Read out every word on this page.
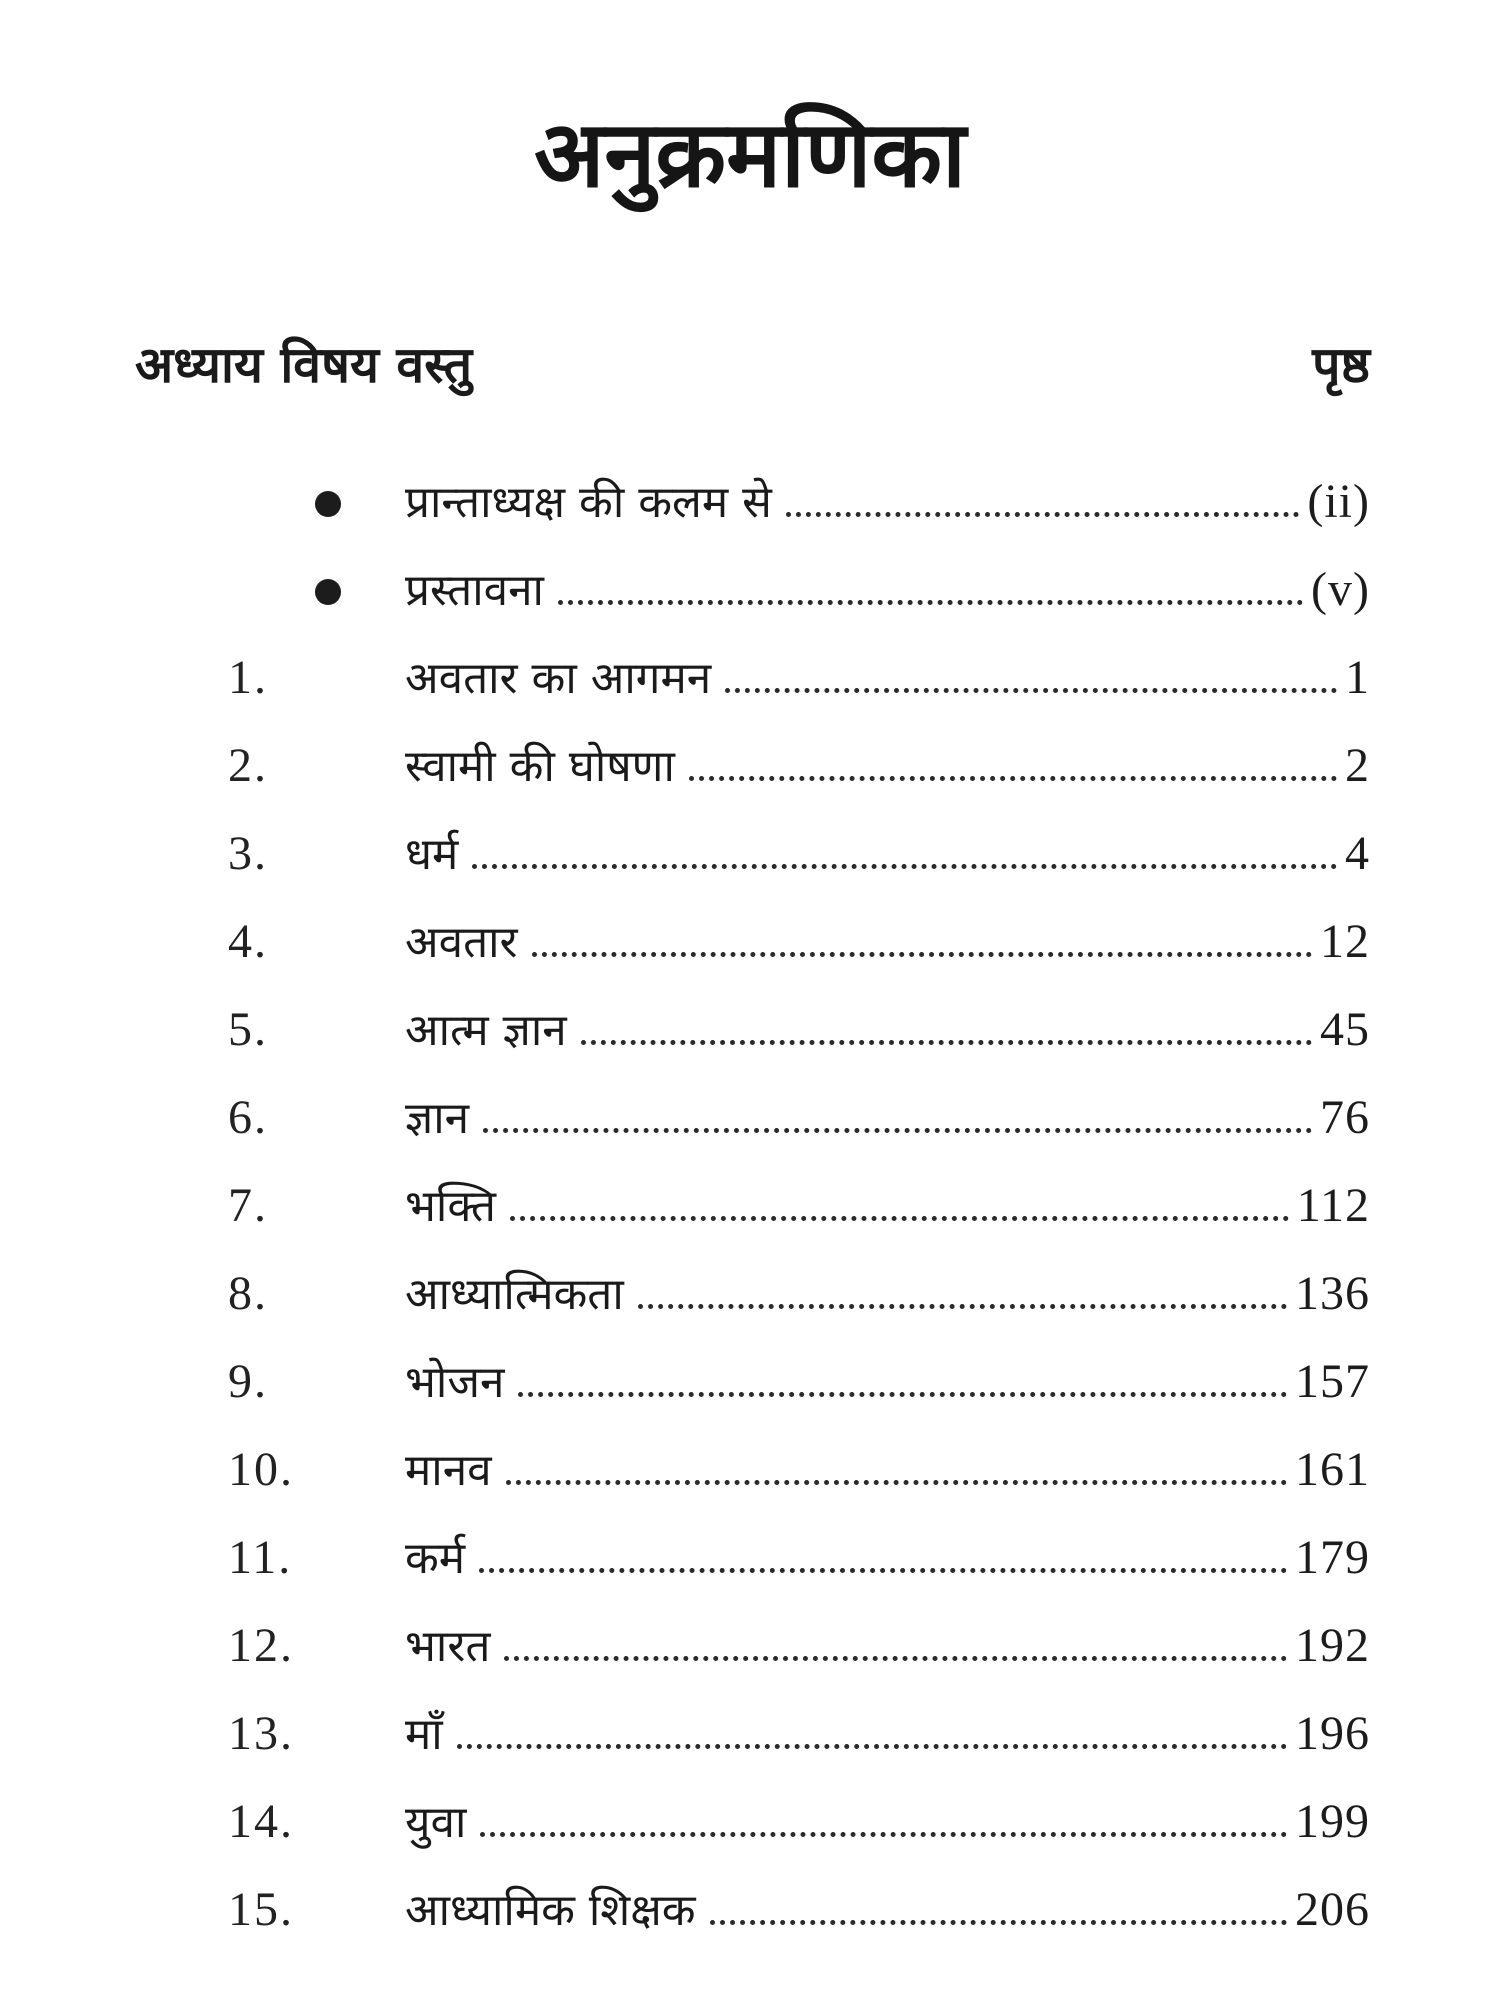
अनुक्रमणिका
अध्याय विषय वस्तु	पृष्ठ
प्रान्ताध्यक्ष की कलम से	(ii)
प्रस्तावना	(v)
1.	अवतार का आगमन	1
2.	स्वामी की घोषणा	2
3.	धर्म	4
4.	अवतार	12
5.	आत्म ज्ञान	45
6.	ज्ञान	76
7.	भक्ति	112
8.	आध्यात्मिकता	136
9.	भोजन	157
10.	मानव	161
11.	कर्म	179
12.	भारत	192
13.	माँ	196
14.	युवा	199
15.	आध्यामिक शिक्षक	206
